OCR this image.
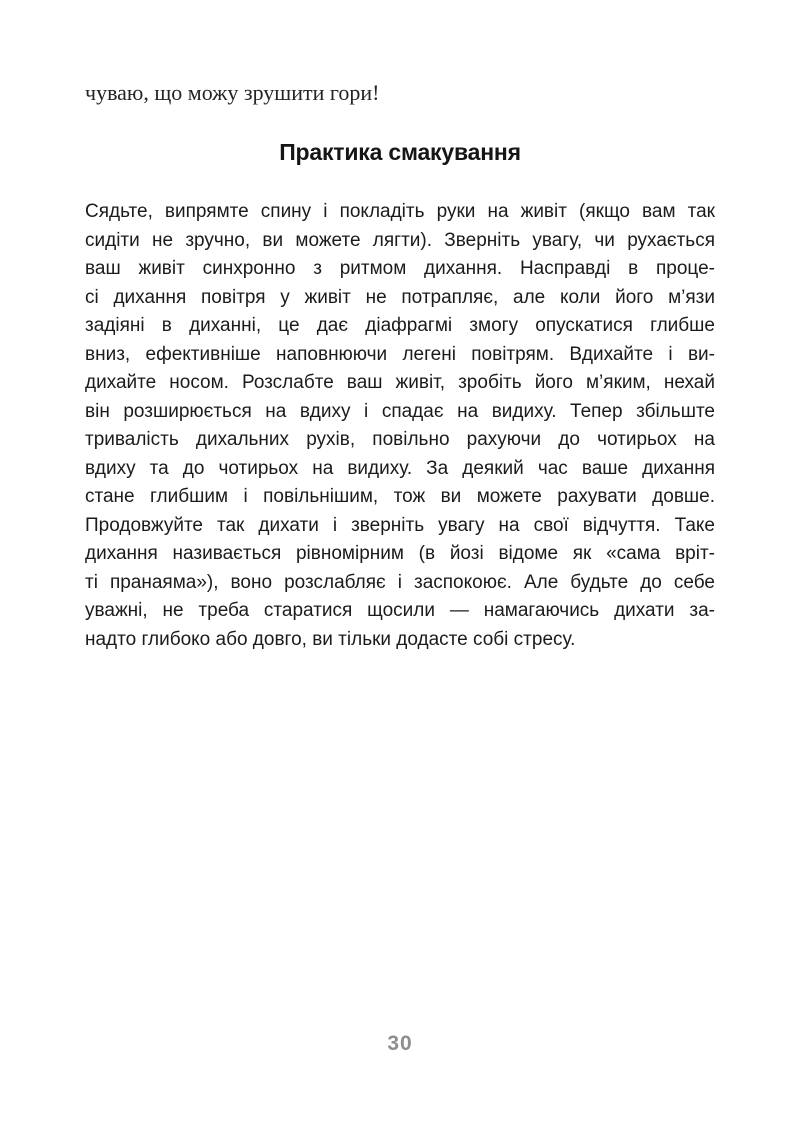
чуваю, що можу зрушити гори!
Практика смакування
Сядьте, випрямте спину і покладіть руки на живіт (якщо вам так
сидіти не зручно, ви можете лягти). Зверніть увагу, чи рухається
ваш живіт синхронно з ритмом дихання. Насправді в проце-
сі дихання повітря у живіт не потрапляє, але коли його м’язи
задіяні в диханні, це дає діафрагмі змогу опускатися глибше
вниз, ефективніше наповнюючи легені повітрям. Вдихайте і ви-
дихайте носом. Розслабте ваш живіт, зробіть його м’яким, нехай
він розширюється на вдиху і спадає на видиху. Тепер збільште
тривалість дихальних рухів, повільно рахуючи до чотирьох на
вдиху та до чотирьох на видиху. За деякий час ваше дихання
стане глибшим і повільнішим, тож ви можете рахувати довше.
Продовжуйте так дихати і зверніть увагу на свої відчуття. Таке
дихання називається рівномірним (в йозі відоме як «сама вріт-
ті пранаяма»), воно розслабляє і заспокоює. Але будьте до себе
уважні, не треба старатися щосили — намагаючись дихати за-
надто глибоко або довго, ви тільки додасте собі стресу.
30
